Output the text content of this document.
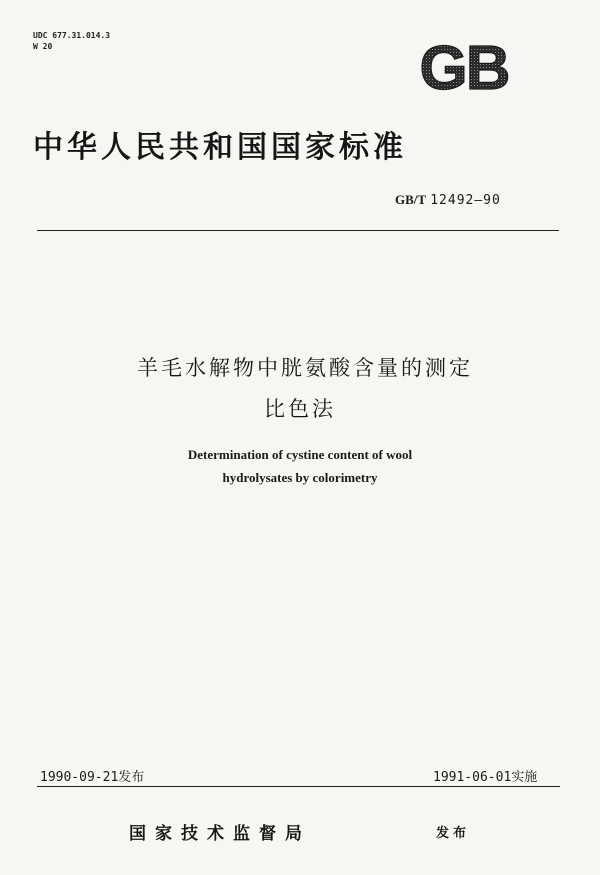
UDC 677.31.014.3
W 20	GB
中华人民共和国国家标准
GB/T 12492—90
羊毛水解物中胱氨酸含量的测定
比色法
Determination of cystine content of wool
hydrolysates by colorimetry
1990-09-21发布	1991-06-01实施
国家技术监督局	发布
